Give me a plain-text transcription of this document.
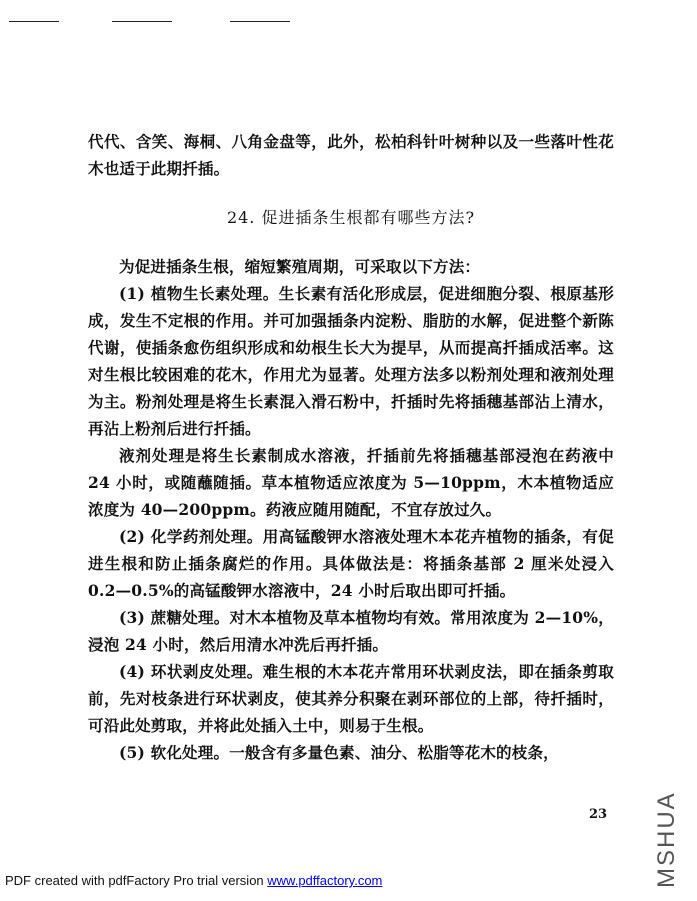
代代、含笑、海桐、八角金盘等，此外，松柏科针叶树种以及一些落叶性花木也适于此期扦插。

24. 促进插条生根都有哪些方法?

为促进插条生根，缩短繁殖周期，可采取以下方法：

(1) 植物生长素处理。生长素有活化形成层，促进细胞分裂、根原基形成，发生不定根的作用。并可加强插条内淀粉、脂肪的水解，促进整个新陈代谢，使插条愈伤组织形成和幼根生长大为提早，从而提高扦插成活率。这对生根比较困难的花木，作用尤为显著。处理方法多以粉剂处理和液剂处理为主。粉剂处理是将生长素混入滑石粉中，扦插时先将插穗基部沾上清水，再沾上粉剂后进行扦插。

液剂处理是将生长素制成水溶液，扦插前先将插穗基部浸泡在药液中 24 小时，或随蘸随插。草本植物适应浓度为 5—10ppm，木本植物适应浓度为 40—200ppm。药液应随用随配，不宜存放过久。

(2) 化学药剂处理。用高锰酸钾水溶液处理木本花卉植物的插条，有促进生根和防止插条腐烂的作用。具体做法是：将插条基部 2 厘米处浸入 0.2—0.5%的高锰酸钾水溶液中，24 小时后取出即可扦插。

(3) 蔗糖处理。对木本植物及草本植物均有效。常用浓度为 2—10%，浸泡 24 小时，然后用清水冲洗后再扦插。

(4) 环状剥皮处理。难生根的木本花卉常用环状剥皮法，即在插条剪取前，先对枝条进行环状剥皮，使其养分积聚在剥环部位的上部，待扦插时，可沿此处剪取，并将此处插入土中，则易于生根。

(5) 软化处理。一般含有多量色素、油分、松脂等花木的枝条，

23
PDF created with pdfFactory Pro trial version www.pdffactory.com	MSHUA
